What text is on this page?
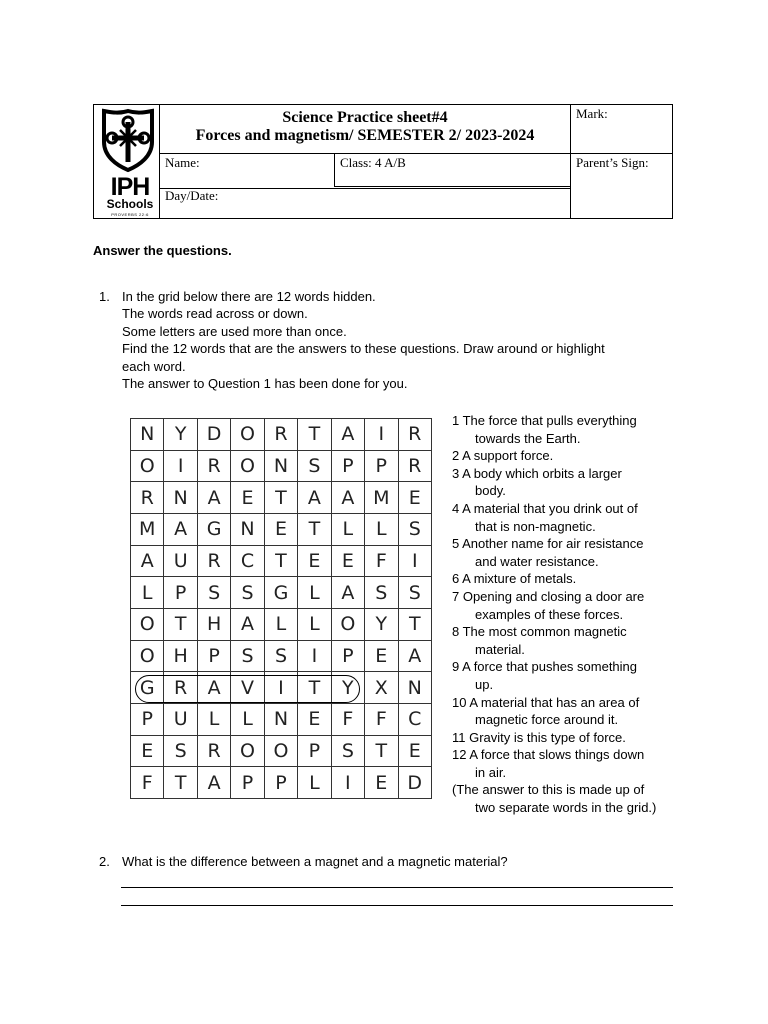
IPH
Schools
PROVERBS 22:6
Science Practice sheet#4
Forces and magnetism/ SEMESTER 2/ 2023-2024
Mark:
Name:	Class: 4 A/B	Parent’s Sign:
Day/Date:
Answer the questions.
1. In the grid below there are 12 words hidden.
The words read across or down.
Some letters are used more than once.
Find the 12 words that are the answers to these questions. Draw around or highlight
each word.
The answer to Question 1 has been done for you.
N	Y	D	O	R	T	A	I	R
O	I	R	O	N	S	P	P	R
R	N	A	E	T	A	A	M	E
M	A	G	N	E	T	L	L	S
A	U	R	C	T	E	E	F	I
L	P	S	S	G	L	A	S	S
O	T	H	A	L	L	O	Y	T
O	H	P	S	S	I	P	E	A
G	R	A	V	I	T	Y	X	N
P	U	L	L	N	E	F	F	C
E	S	R	O	O	P	S	T	E
F	T	A	P	P	L	I	E	D
1 The force that pulls everything
towards the Earth.
2 A support force.
3 A body which orbits a larger
body.
4 A material that you drink out of
that is non-magnetic.
5 Another name for air resistance
and water resistance.
6 A mixture of metals.
7 Opening and closing a door are
examples of these forces.
8 The most common magnetic
material.
9 A force that pushes something
up.
10 A material that has an area of
magnetic force around it.
11 Gravity is this type of force.
12 A force that slows things down
in air.
(The answer to this is made up of
two separate words in the grid.)
2. What is the difference between a magnet and a magnetic material?
